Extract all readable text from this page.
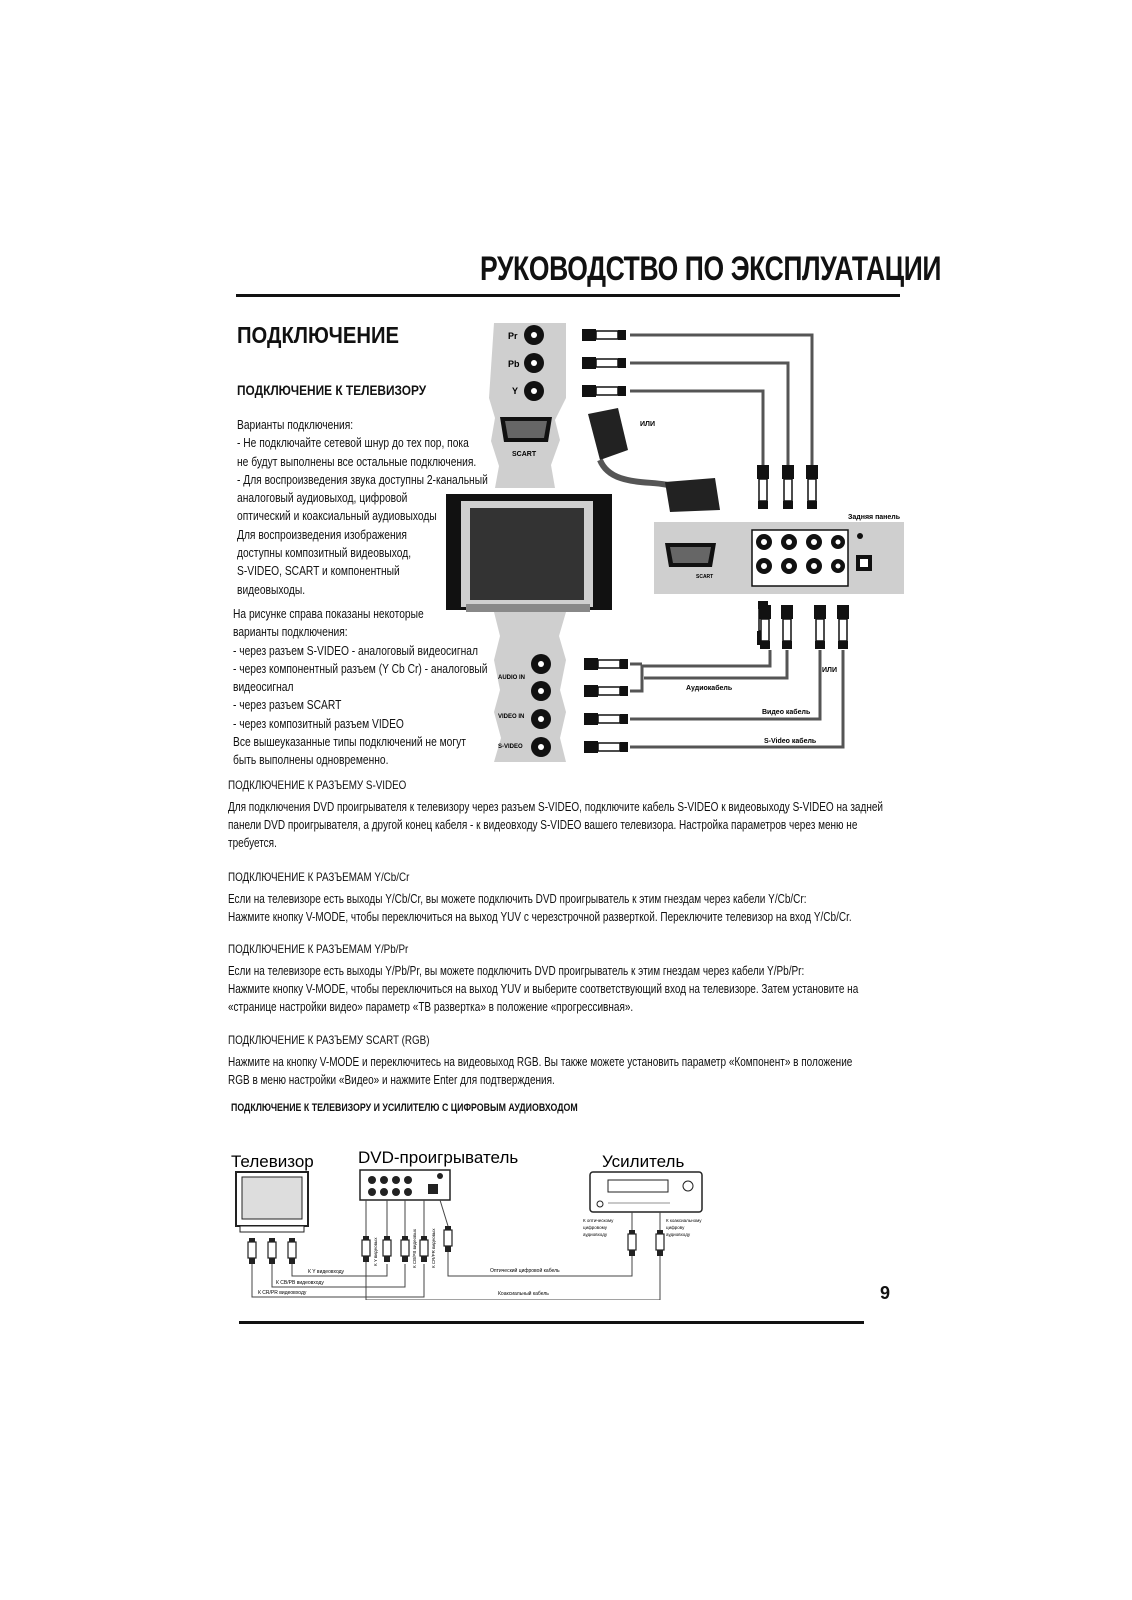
РУКОВОДСТВО ПО ЭКСПЛУАТАЦИИ
ПОДКЛЮЧЕНИЕ
ПОДКЛЮЧЕНИЕ К ТЕЛЕВИЗОРУ
Варианты подключения:
- Не подключайте сетевой шнур до тех пор, пока
не будут выполнены все остальные подключения.
- Для воспроизведения звука доступны 2-канальный
аналоговый аудиовыход, цифровой
оптический и коаксиальный аудиовыходы
Для воспроизведения изображения
доступны композитный видеовыход,
S-VIDEO, SCART и компонентный
видеовыходы.
На рисунке справа показаны некоторые
варианты подключения:
- через разъем S-VIDEO - аналоговый видеосигнал
- через компонентный разъем (Y Cb Cr) - аналоговый
видеосигнал
- через разъем SCART
- через композитный разъем VIDEO
Все вышеуказанные типы подключений не могут
быть выполнены одновременно.
Pr
Pb
Y
SCART
ИЛИ
AUDIO IN
VIDEO IN
S-VIDEO
Задняя панель
SCART
ИЛИ
Аудиокабель
Видео кабель
S-Video кабель
ПОДКЛЮЧЕНИЕ К РАЗЪЕМУ S-VIDEO
Для подключения DVD проигрывателя к телевизору через разъем S-VIDEO, подключите кабель S-VIDEO к видеовыходу S-VIDEO на задней
панели DVD проигрывателя, а другой конец кабеля - к видеовходу S-VIDEO вашего телевизора. Настройка параметров через меню не
требуется.
ПОДКЛЮЧЕНИЕ К РАЗЪЕМАМ Y/Cb/Cr
Если на телевизоре есть выходы Y/Cb/Cr, вы можете подключить DVD проигрыватель к этим гнездам через кабели Y/Cb/Cr:
Нажмите кнопку V-MODE, чтобы переключиться на выход YUV с черезстрочной разверткой. Переключите телевизор на вход Y/Cb/Cr.
ПОДКЛЮЧЕНИЕ К РАЗЪЕМАМ Y/Pb/Pr
Если на телевизоре есть выходы Y/Pb/Pr, вы можете подключить DVD проигрыватель к этим гнездам через кабели Y/Pb/Pr:
Нажмите кнопку V-MODE, чтобы переключиться на выход YUV и выберите соответствующий вход на телевизоре. Затем установите на
«странице настройки видео» параметр «ТВ развертка» в положение «прогрессивная».
ПОДКЛЮЧЕНИЕ К РАЗЪЕМУ SCART (RGB)
Нажмите на кнопку V-MODE и переключитесь на видеовыход RGB. Вы также можете установить параметр «Компонент» в положение
RGB в меню настройки «Видео» и нажмите Enter для подтверждения.
ПОДКЛЮЧЕНИЕ К ТЕЛЕВИЗОРУ И УСИЛИТЕЛЮ С ЦИФРОВЫМ АУДИОВХОДОМ
Телевизор	DVD-проигрыватель	Усилитель
К Y видеовходу
К CB/PB видеовходу
К CR/PR видеовходу
Оптический цифровой кабель
Коаксиальный кабель
К оптическому
цифровому
аудиовходу
К коаксиальному
цифрову
аудиовходу
К Y видеовых	К CB/PB видеовых	К CR/PR видеовых
9
